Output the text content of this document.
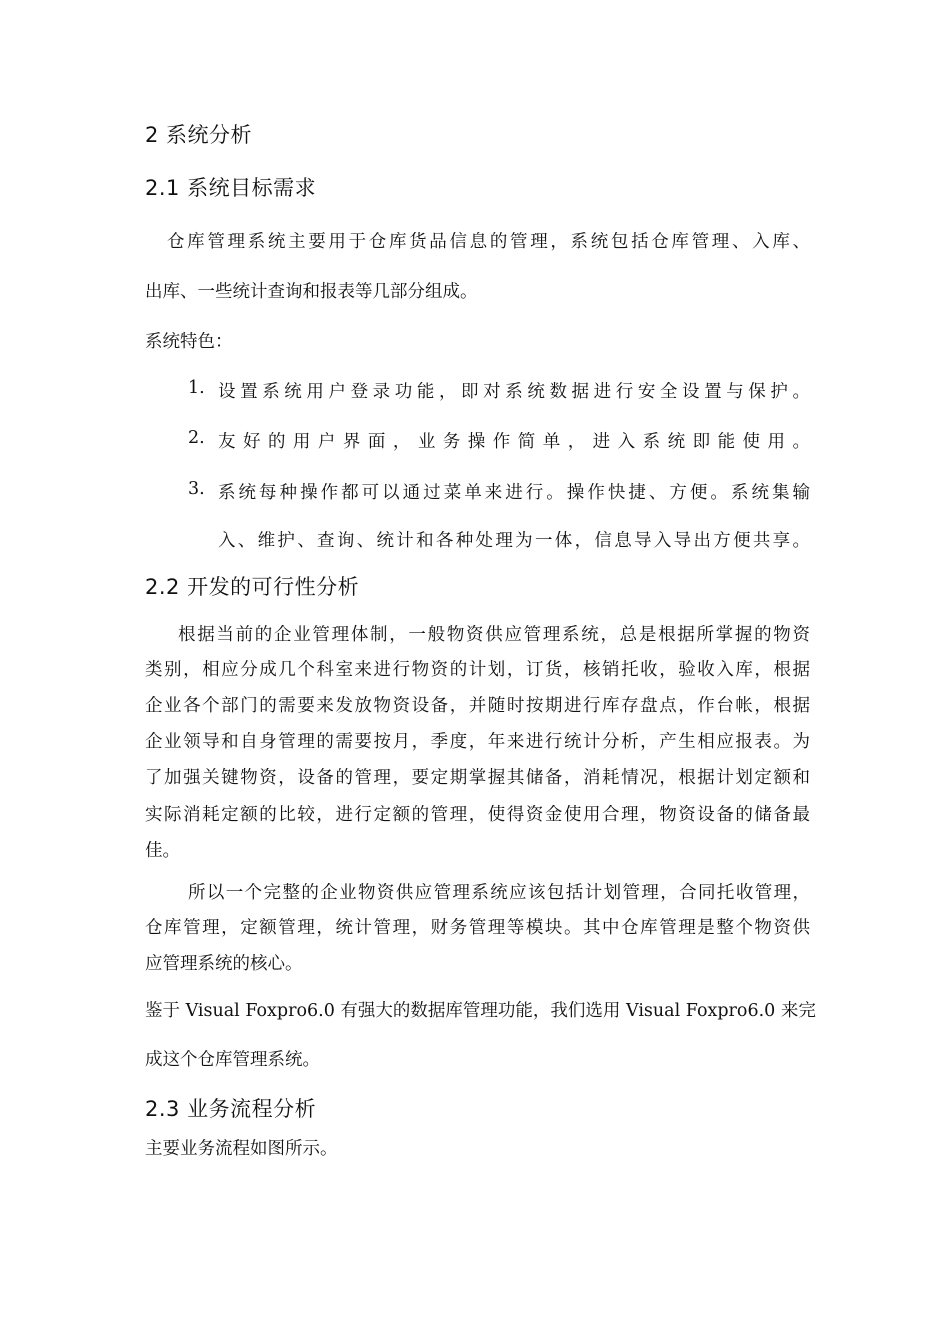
2 系统分析
2.1 系统目标需求
仓库管理系统主要用于仓库货品信息的管理，系统包括仓库管理、入库、
出库、一些统计查询和报表等几部分组成。
系统特色：
1. 设置系统用户登录功能，即对系统数据进行安全设置与保护。
2. 友好的用户界面，业务操作简单，进入系统即能使用。
3. 系统每种操作都可以通过菜单来进行。操作快捷、方便。系统集输
入、维护、查询、统计和各种处理为一体，信息导入导出方便共享。
2.2 开发的可行性分析
根据当前的企业管理体制，一般物资供应管理系统，总是根据所掌握的物资
类别，相应分成几个科室来进行物资的计划，订货，核销托收，验收入库，根据
企业各个部门的需要来发放物资设备，并随时按期进行库存盘点，作台帐，根据
企业领导和自身管理的需要按月，季度，年来进行统计分析，产生相应报表。为
了加强关键物资，设备的管理，要定期掌握其储备，消耗情况，根据计划定额和
实际消耗定额的比较，进行定额的管理，使得资金使用合理，物资设备的储备最
佳。
所以一个完整的企业物资供应管理系统应该包括计划管理，合同托收管理，
仓库管理，定额管理，统计管理，财务管理等模块。其中仓库管理是整个物资供
应管理系统的核心。
鉴于 Visual Foxpro6.0 有强大的数据库管理功能，我们选用 Visual Foxpro6.0 来完
成这个仓库管理系统。
2.3 业务流程分析
主要业务流程如图所示。
